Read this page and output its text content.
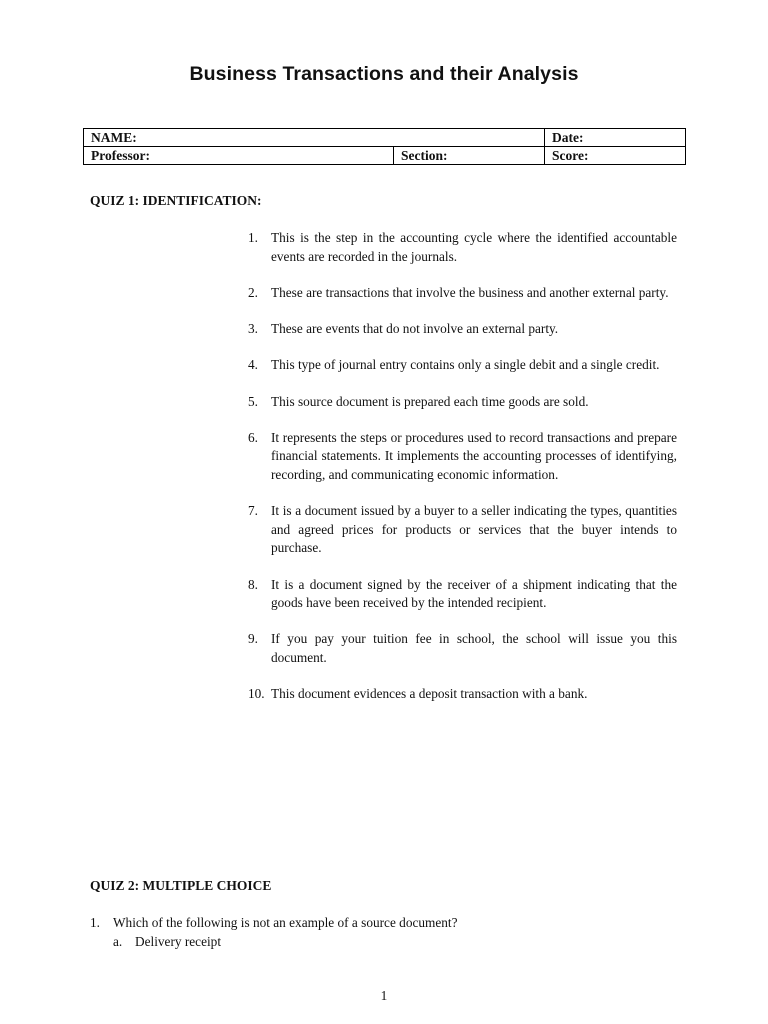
Business Transactions and their Analysis
NAME:		Date:
Professor:	Section:	Score:
QUIZ 1: IDENTIFICATION:
1. This is the step in the accounting cycle where the identified accountable events are recorded in the journals.
2. These are transactions that involve the business and another external party.
3. These are events that do not involve an external party.
4. This type of journal entry contains only a single debit and a single credit.
5. This source document is prepared each time goods are sold.
6. It represents the steps or procedures used to record transactions and prepare financial statements. It implements the accounting processes of identifying, recording, and communicating economic information.
7. It is a document issued by a buyer to a seller indicating the types, quantities and agreed prices for products or services that the buyer intends to purchase.
8. It is a document signed by the receiver of a shipment indicating that the goods have been received by the intended recipient.
9. If you pay your tuition fee in school, the school will issue you this document.
10. This document evidences a deposit transaction with a bank.
QUIZ 2: MULTIPLE CHOICE
1. Which of the following is not an example of a source document?
a. Delivery receipt
1
